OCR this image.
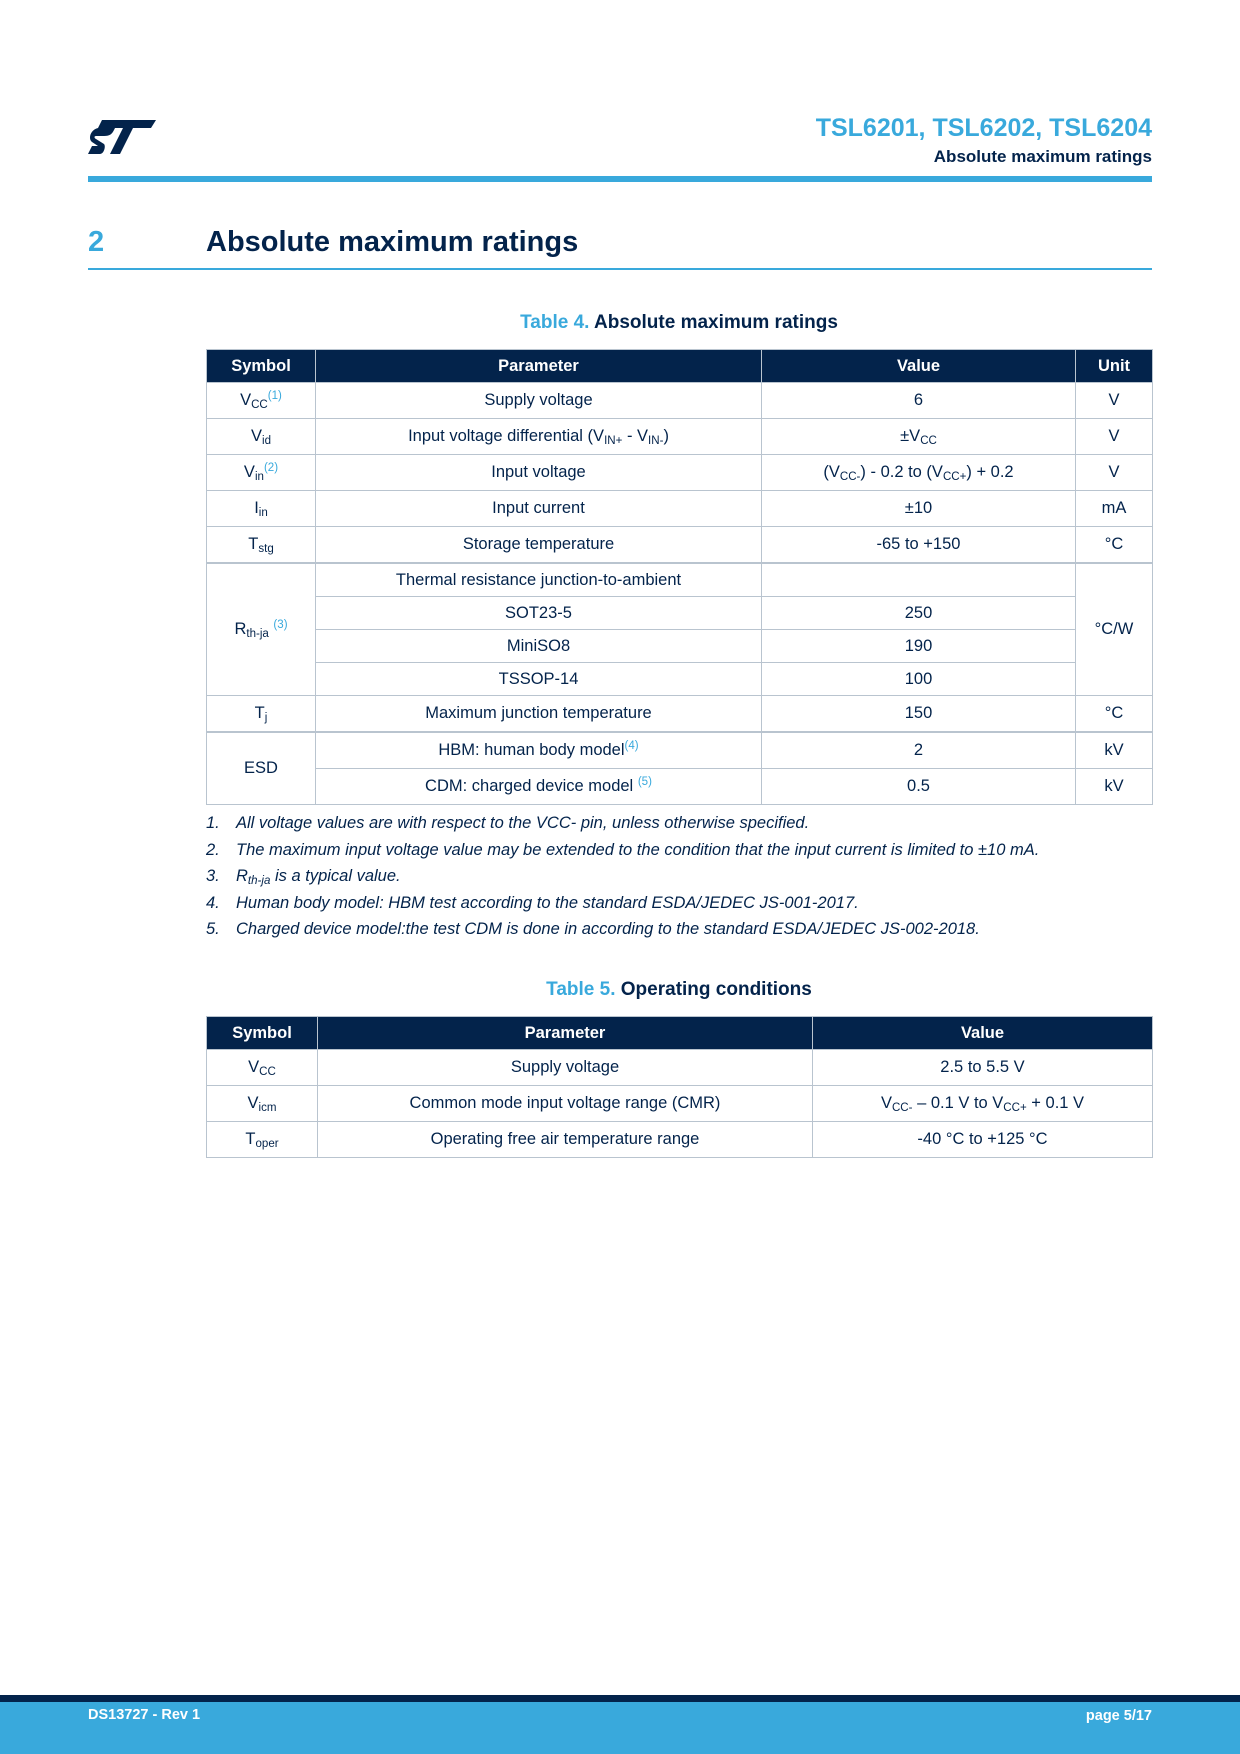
TSL6201, TSL6202, TSL6204
Absolute maximum ratings
2	Absolute maximum ratings
Table 4. Absolute maximum ratings
Symbol	Parameter	Value	Unit
$V_{CC}^{(1)}$	Supply voltage	6	V
$V_{id}$	Input voltage differential $(V_{IN+} - V_{IN-})$	$\pm V_{CC}$	V
$V_{in}^{(2)}$	Input voltage	$(V_{CC-}) - 0.2$ to $(V_{CC+}) + 0.2$	V
$I_{in}$	Input current	±10	mA
$T_{stg}$	Storage temperature	-65 to +150	°C
$R_{th-ja}$ $^{(3)}$	Thermal resistance junction-to-ambient		°C/W
	SOT23-5	250	
	MiniSO8	190	
	TSSOP-14	100	
$T_j$	Maximum junction temperature	150	°C
ESD	HBM: human body model$^{(4)}$	2	kV
	CDM: charged device model $^{(5)}$	0.5	kV
1. All voltage values are with respect to the VCC- pin, unless otherwise specified.
2. The maximum input voltage value may be extended to the condition that the input current is limited to ±10 mA.
3. $R_{th-ja}$ is a typical value.
4. Human body model: HBM test according to the standard ESDA/JEDEC JS-001-2017.
5. Charged device model:the test CDM is done in according to the standard ESDA/JEDEC JS-002-2018.
Table 5. Operating conditions
Symbol	Parameter	Value
$V_{CC}$	Supply voltage	2.5 to 5.5 V
$V_{icm}$	Common mode input voltage range (CMR)	$V_{CC-} - 0.1$ V to $V_{CC+} + 0.1$ V
$T_{oper}$	Operating free air temperature range	-40 °C to +125 °C
DS13727 - Rev 1	page 5/17
